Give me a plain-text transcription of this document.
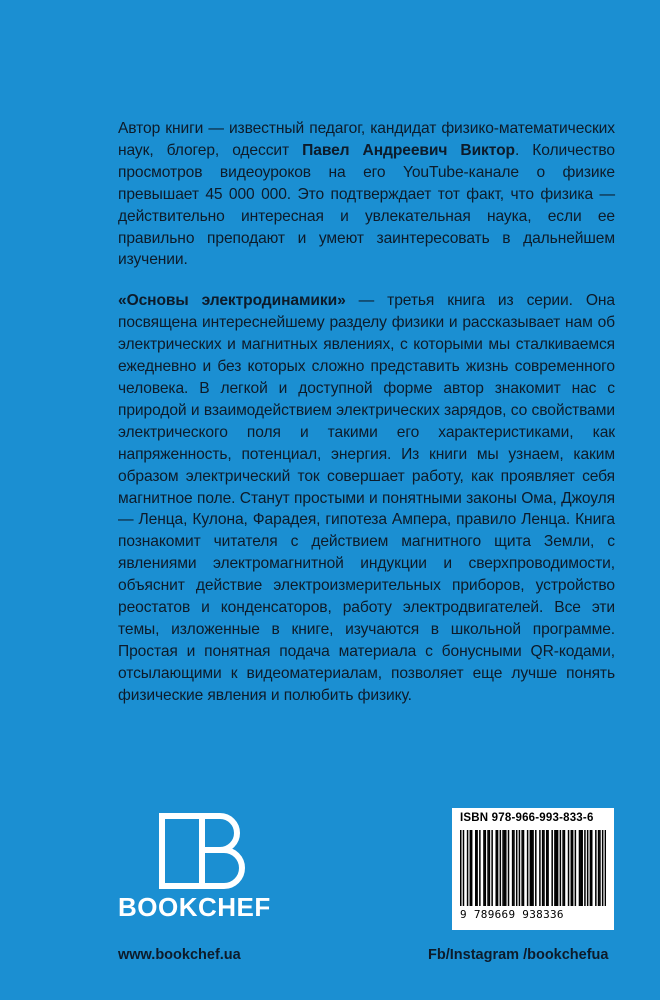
Автор книги — известный педагог, кандидат физико-математических наук, блогер, одессит Павел Андреевич Виктор. Количество просмотров видеоуроков на его YouTube-канале о физике превышает 45 000 000. Это подтверждает тот факт, что физика — действительно интересная и увлекательная наука, если ее правильно преподают и умеют заинтересовать в дальнейшем изучении.

«Основы электродинамики» — третья книга из серии. Она посвящена интереснейшему разделу физики и рассказывает нам об электрических и магнитных явлениях, с которыми мы сталкиваемся ежедневно и без которых сложно представить жизнь современного человека. В легкой и доступной форме автор знакомит нас с природой и взаимодействием электрических зарядов, со свойствами электрического поля и такими его характеристиками, как напряженность, потенциал, энергия. Из книги мы узнаем, каким образом электрический ток совершает работу, как проявляет себя магнитное поле. Станут простыми и понятными законы Ома, Джоуля — Ленца, Кулона, Фарадея, гипотеза Ампера, правило Ленца. Книга познакомит читателя с действием магнитного щита Земли, с явлениями электромагнитной индукции и сверхпроводимости, объяснит действие электроизмерительных приборов, устройство реостатов и конденсаторов, работу электродвигателей. Все эти темы, изложенные в книге, изучаются в школьной программе. Простая и понятная подача материала с бонусными QR-кодами, отсылающими к видеоматериалам, позволяет еще лучше понять физические явления и полюбить физику.

BOOKCHEF
ISBN 978-966-993-833-6
9 789669 938336
www.bookchef.ua	Fb/Instagram /bookchefua
